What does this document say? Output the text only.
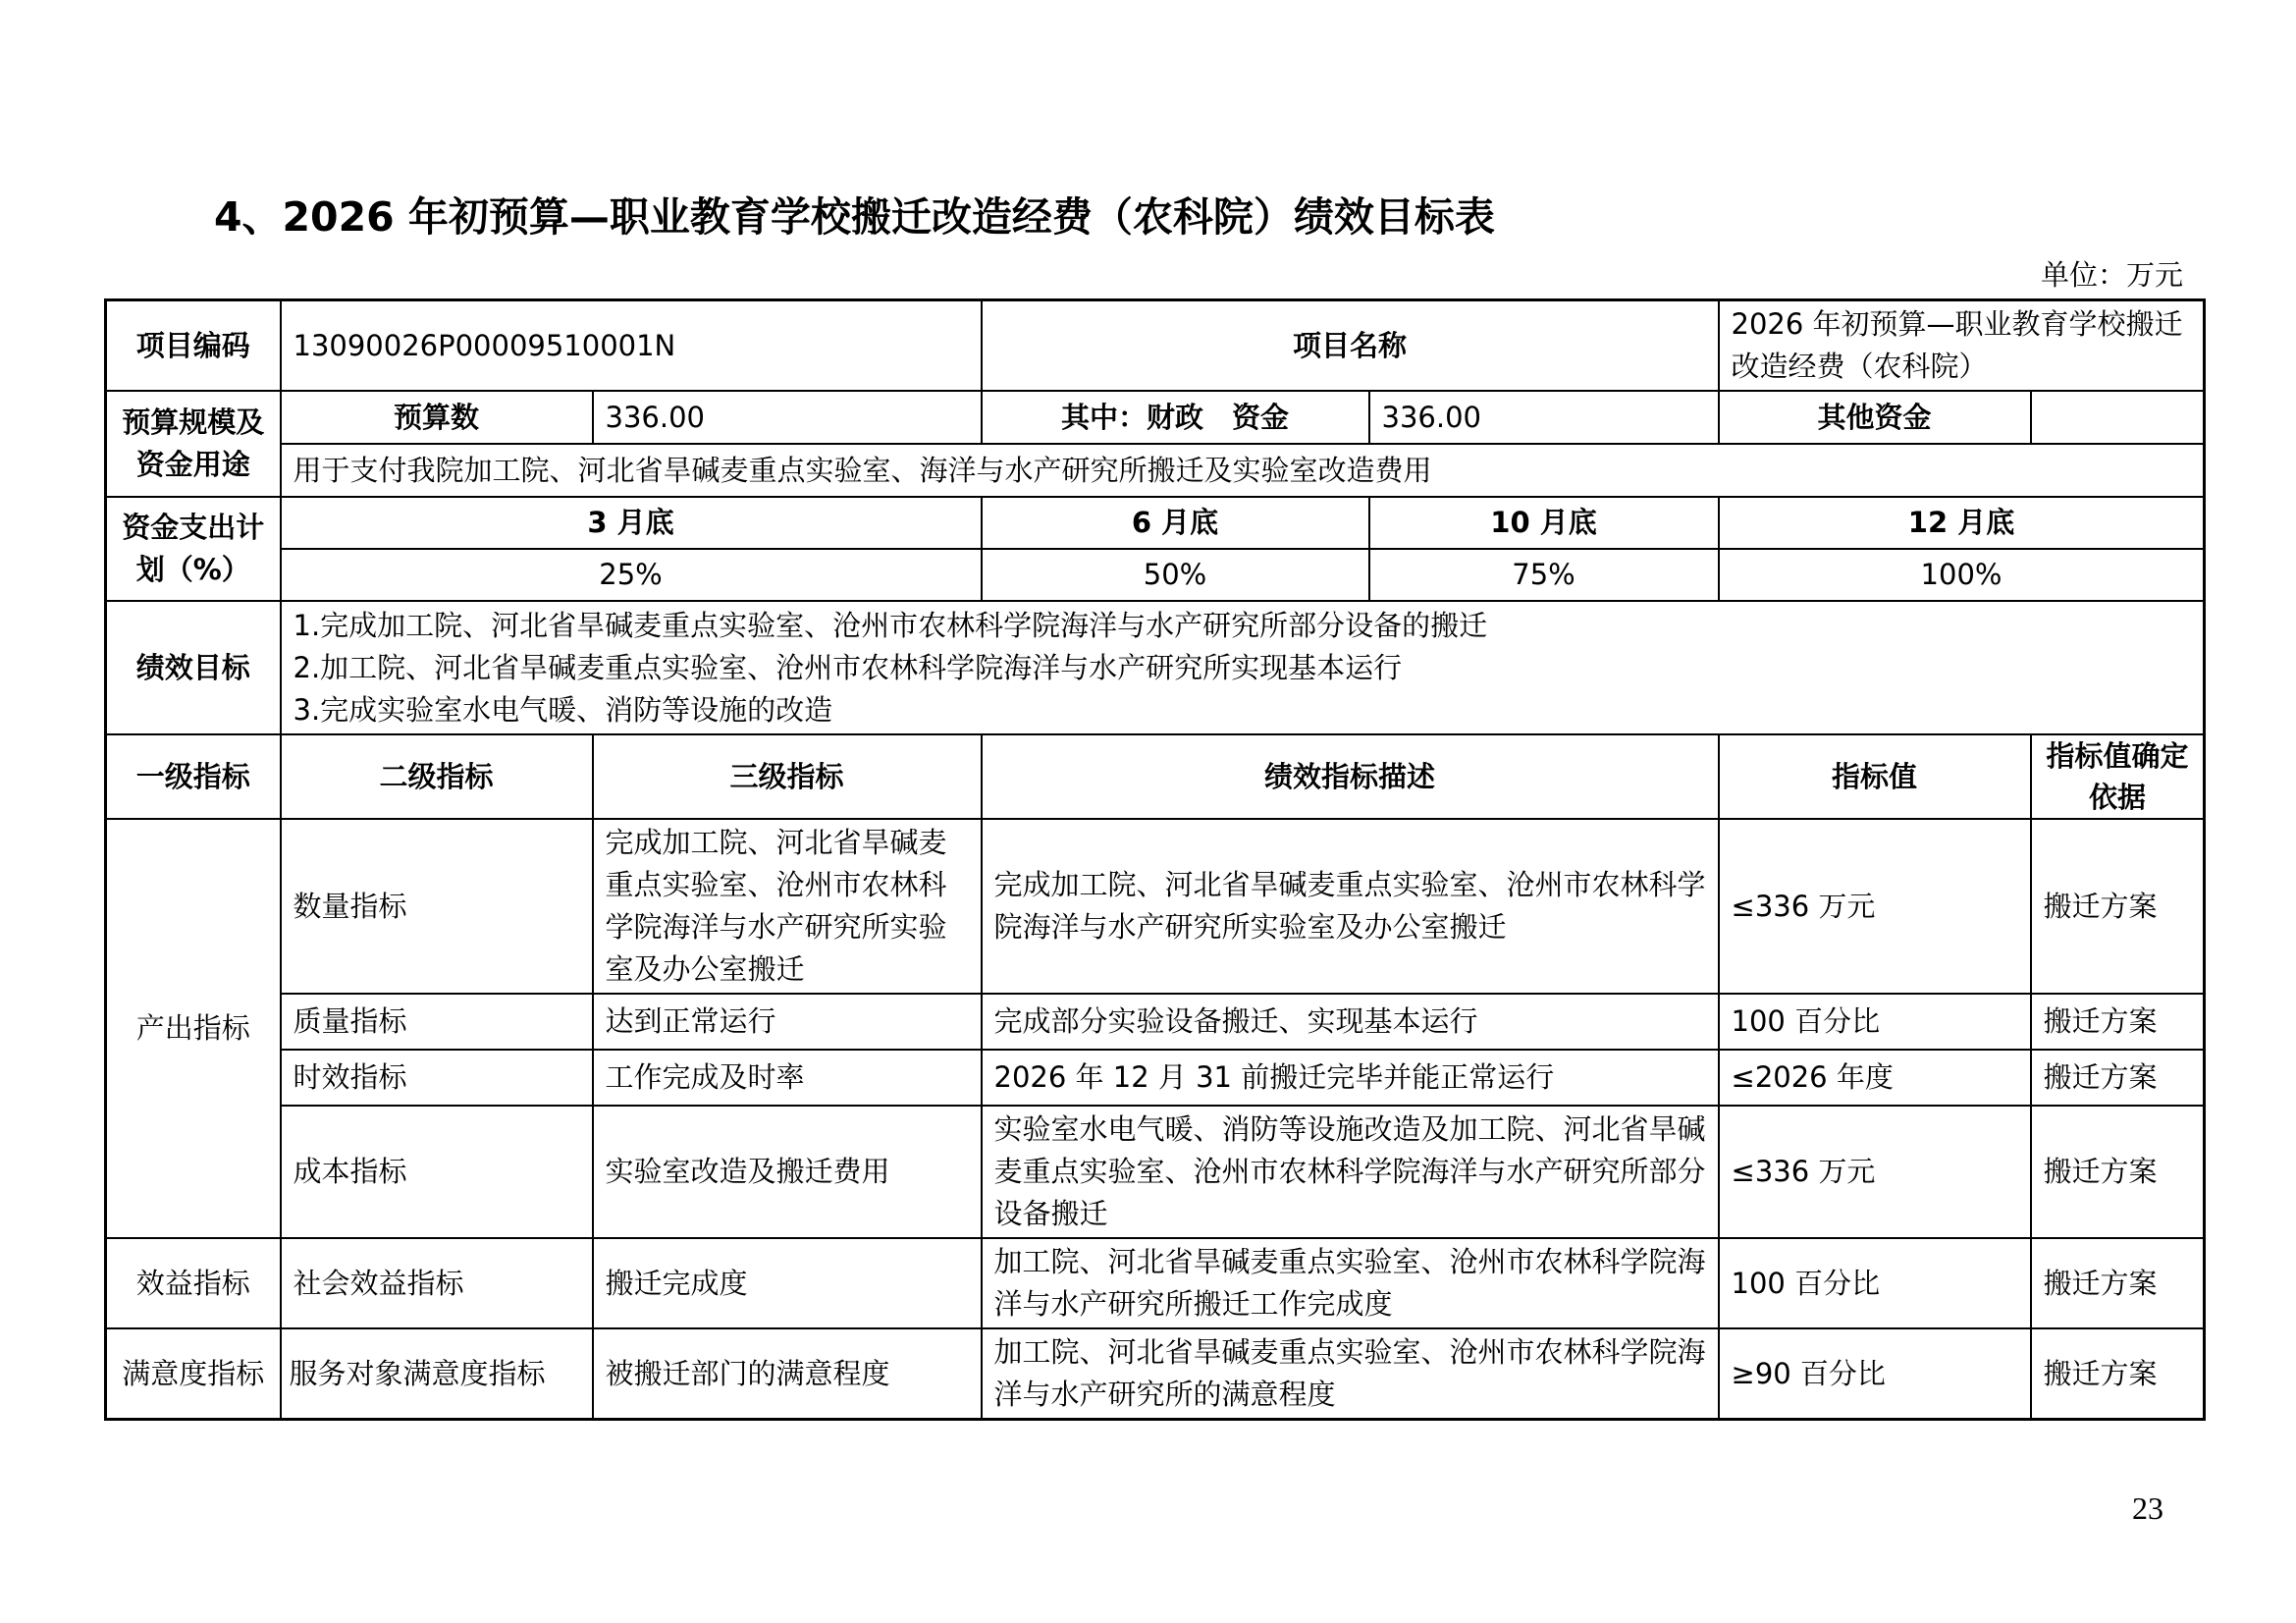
4、2026 年初预算—职业教育学校搬迁改造经费（农科院）绩效目标表
单位：万元
项目编码	13090026P00009510001N		项目名称		2026 年初预算—职业教育学校搬迁改造经费（农科院）	
预算规模及资金用途	预算数	336.00	其中：财政　资金	336.00	其他资金	
	用于支付我院加工院、河北省旱碱麦重点实验室、海洋与水产研究所搬迁及实验室改造费用					
资金支出计划（%）	3 月底		6 月底	10 月底	12 月底	
	25%		50%	75%	100%	
绩效目标	1.完成加工院、河北省旱碱麦重点实验室、沧州市农林科学院海洋与水产研究所部分设备的搬迁
2.加工院、河北省旱碱麦重点实验室、沧州市农林科学院海洋与水产研究所实现基本运行
3.完成实验室水电气暖、消防等设施的改造					

一级指标	二级指标	三级指标	绩效指标描述		指标值	指标值确定依据
产出指标	数量指标	完成加工院、河北省旱碱麦重点实验室、沧州市农林科学院海洋与水产研究所实验室及办公室搬迁	完成加工院、河北省旱碱麦重点实验室、沧州市农林科学院海洋与水产研究所实验室及办公室搬迁		≤336 万元	搬迁方案
	质量指标	达到正常运行	完成部分实验设备搬迁、实现基本运行		100 百分比	搬迁方案
	时效指标	工作完成及时率	2026 年 12 月 31 前搬迁完毕并能正常运行		≤2026 年度	搬迁方案
	成本指标	实验室改造及搬迁费用	实验室水电气暖、消防等设施改造及加工院、河北省旱碱麦重点实验室、沧州市农林科学院海洋与水产研究所部分设备搬迁		≤336 万元	搬迁方案
效益指标	社会效益指标	搬迁完成度	加工院、河北省旱碱麦重点实验室、沧州市农林科学院海洋与水产研究所搬迁工作完成度		100 百分比	搬迁方案
满意度指标	服务对象满意度指标	被搬迁部门的满意程度	加工院、河北省旱碱麦重点实验室、沧州市农林科学院海洋与水产研究所的满意程度		≥90 百分比	搬迁方案
23
